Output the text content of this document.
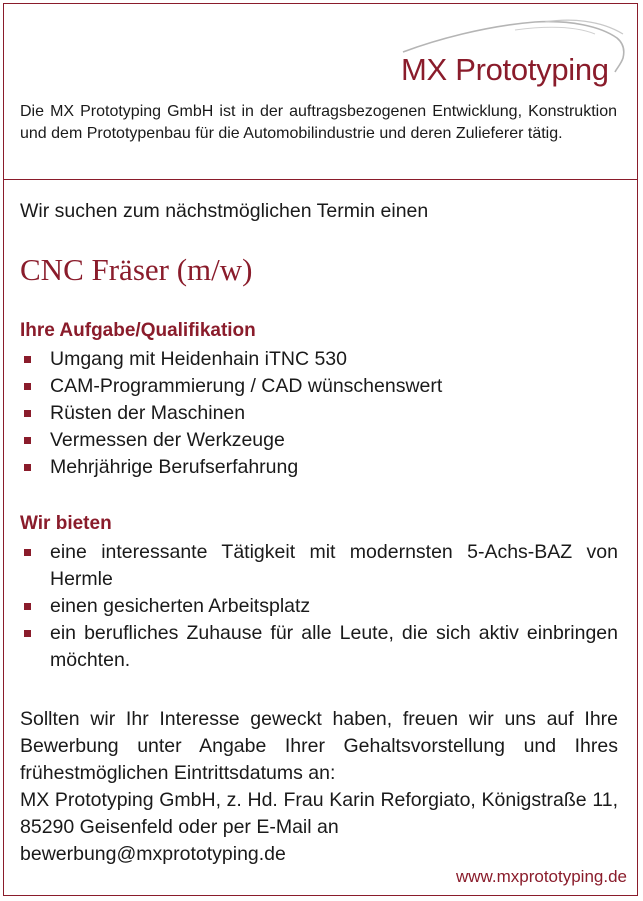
MX Prototyping
Die MX Prototyping GmbH ist in der auftragsbezogenen Entwicklung, Konstruktion und dem Prototypenbau für die Automobilindustrie und deren Zulieferer tätig.
Wir suchen zum nächstmöglichen Termin einen
CNC Fräser (m/w)
Ihre Aufgabe/Qualifikation
Umgang mit Heidenhain iTNC 530
CAM-Programmierung / CAD wünschenswert
Rüsten der Maschinen
Vermessen der Werkzeuge
Mehrjährige Berufserfahrung
Wir bieten
eine interessante Tätigkeit mit modernsten 5-Achs-BAZ von Hermle
einen gesicherten Arbeitsplatz
ein berufliches Zuhause für alle Leute, die sich aktiv einbringen möchten.
Sollten wir Ihr Interesse geweckt haben, freuen wir uns auf Ihre Bewerbung unter Angabe Ihrer Gehaltsvorstellung und Ihres frühestmöglichen Eintrittsdatums an:
MX Prototyping GmbH, z. Hd. Frau Karin Reforgiato, Königstraße 11, 85290 Geisenfeld oder per E-Mail an
bewerbung@mxprototyping.de
www.mxprototyping.de
